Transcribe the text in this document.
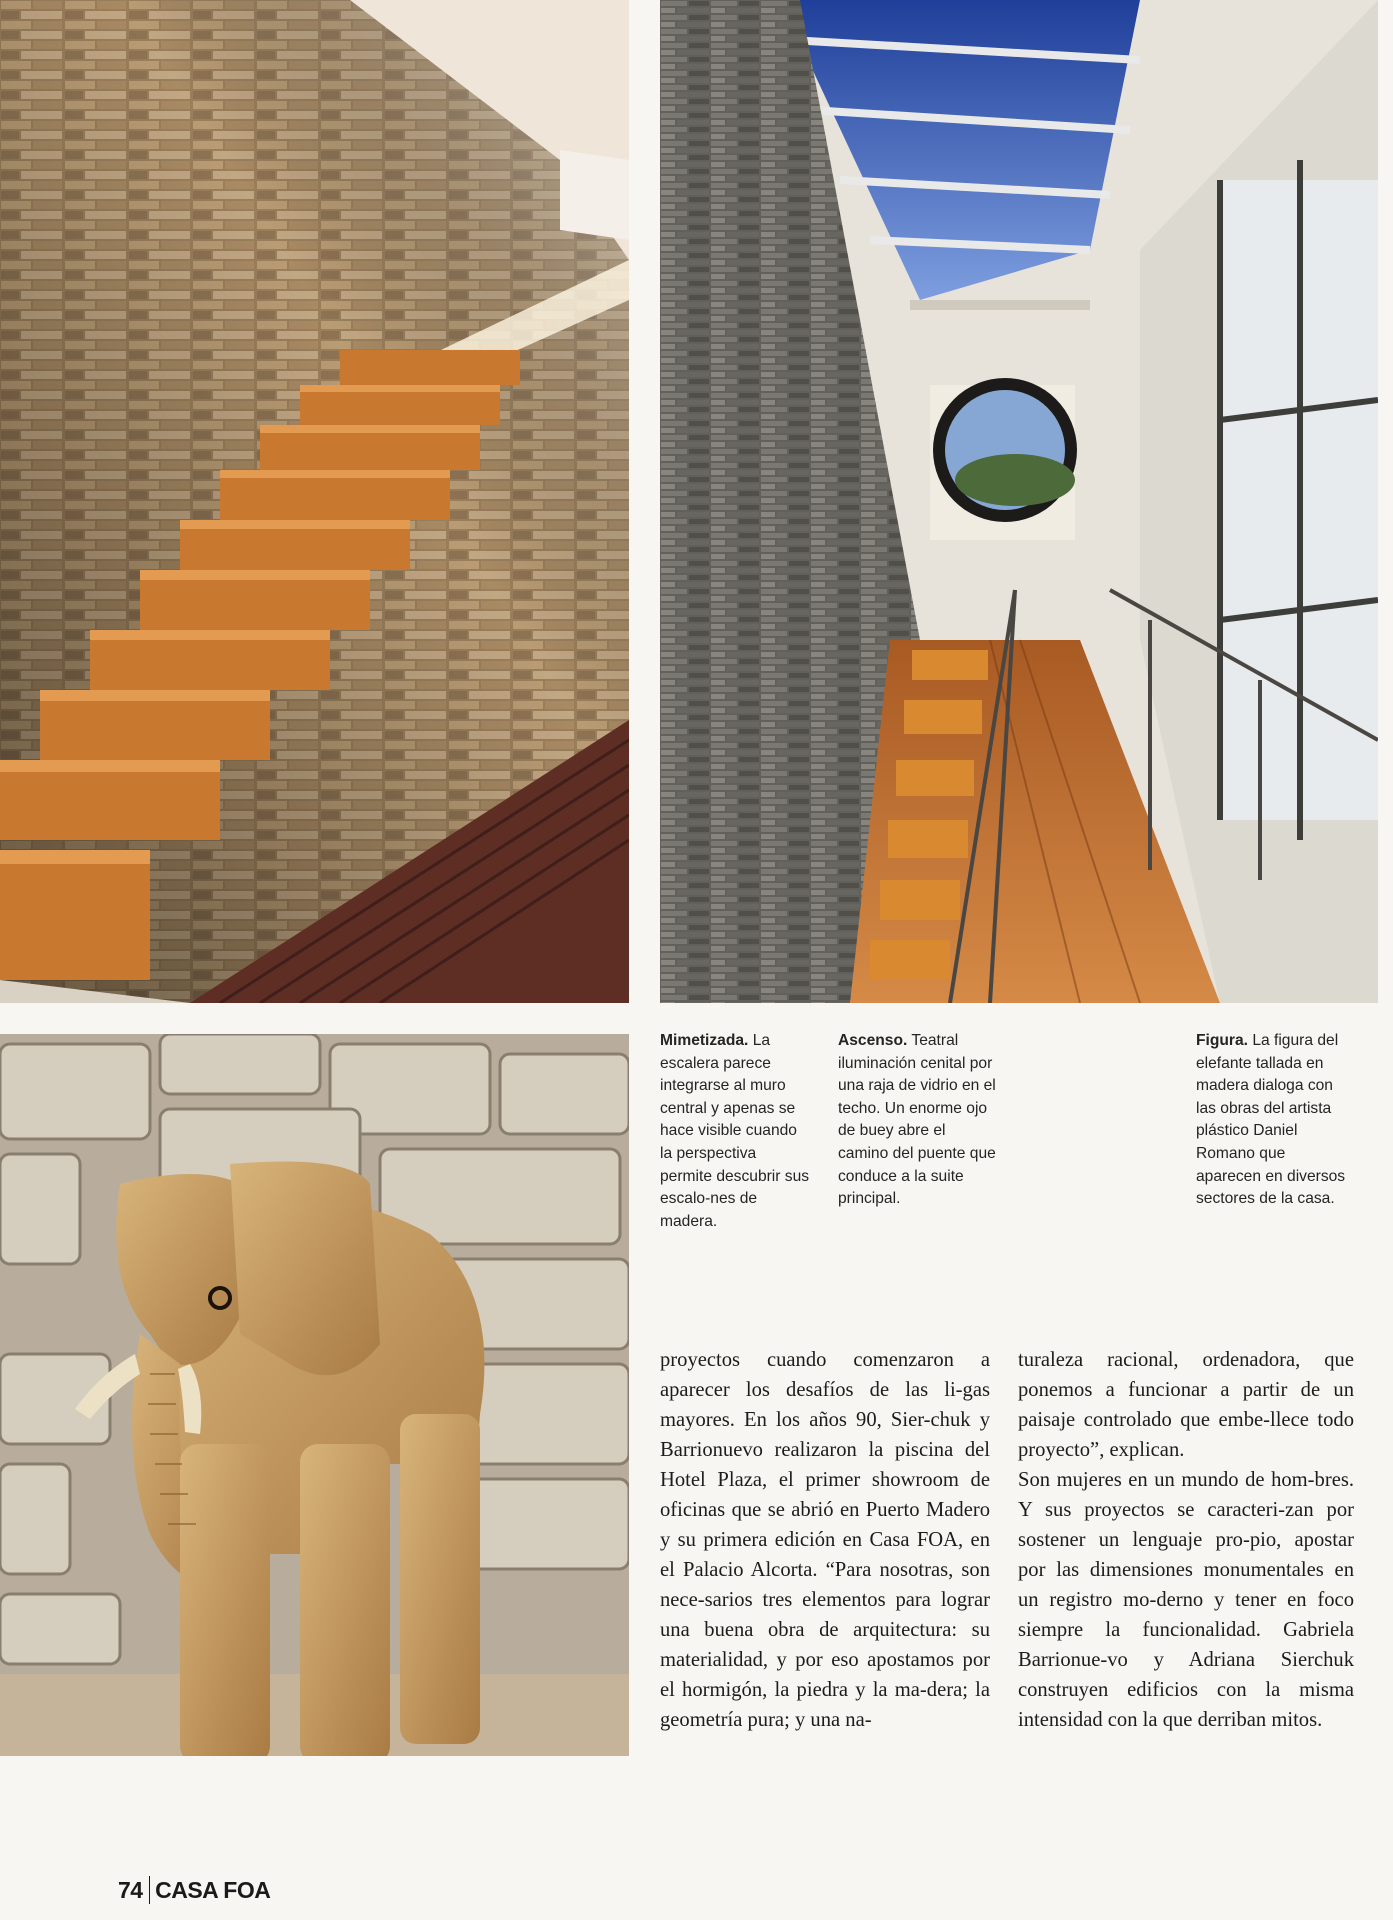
Mimetizada. La escalera parece integrarse al muro central y apenas se hace visible cuando la perspectiva permite descubrir sus escalo-nes de madera.
Ascenso. Teatral iluminación cenital por una raja de vidrio en el techo. Un enorme ojo de buey abre el camino del puente que conduce a la suite principal.
Figura. La figura del elefante tallada en madera dialoga con las obras del artista plástico Daniel Romano que aparecen en diversos sectores de la casa.

proyectos cuando comenzaron a aparecer los desafíos de las li-gas mayores. En los años 90, Sier-chuk y Barrionuevo realizaron la piscina del Hotel Plaza, el primer showroom de oficinas que se abrió en Puerto Madero y su primera edición en Casa FOA, en el Palacio Alcorta. “Para nosotras, son nece-sarios tres elementos para lograr una buena obra de arquitectura: su materialidad, y por eso apostamos por el hormigón, la piedra y la ma-dera; la geometría pura; y una na-

turaleza racional, ordenadora, que ponemos a funcionar a partir de un paisaje controlado que embe-llece todo proyecto”, explican.

Son mujeres en un mundo de hom-bres. Y sus proyectos se caracteri-zan por sostener un lenguaje pro-pio, apostar por las dimensiones monumentales en un registro mo-derno y tener en foco siempre la funcionalidad. Gabriela Barrionue-vo y Adriana Sierchuk construyen edificios con la misma intensidad con la que derriban mitos.

74 CASA FOA
